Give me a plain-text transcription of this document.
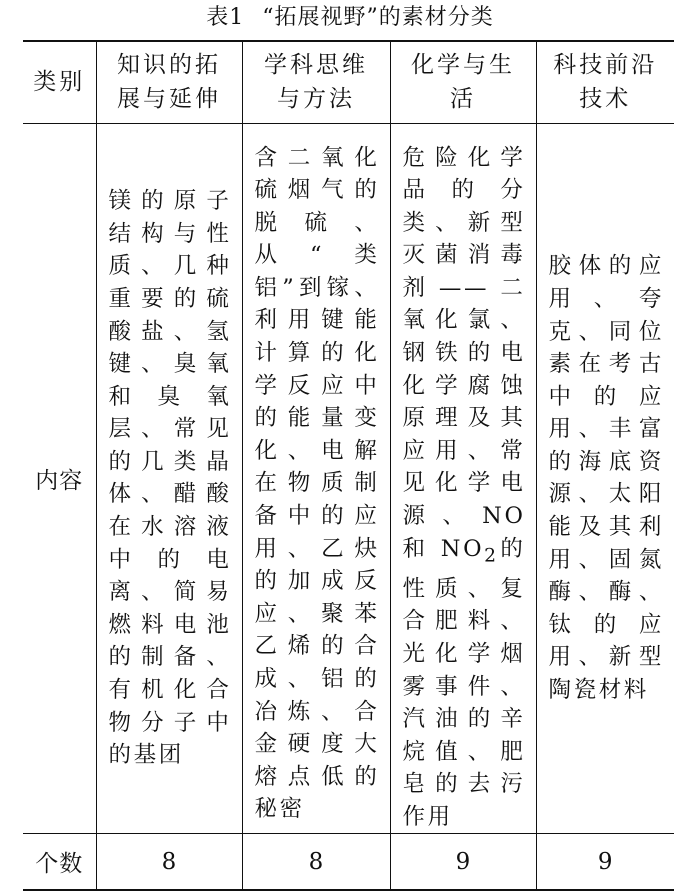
表1 “拓展视野”的素材分类
类别	知识的拓展与延伸	学科思维与方法	化学与生活	科技前沿技术
内容	镁的原子结构与性质、几种重要的硫酸盐、氢键、臭氧和臭氧层、常见的几类晶体、醋酸在水溶液中的电离、简易燃料电池的制备、有机化合物分子中的基团	含二氧化硫烟气的脱硫、从“类铝”到镓、利用键能计算的化学反应中的能量变化、电解在物质制备中的应用、乙炔的加成反应、聚苯乙烯的合成、铝的冶炼、合金硬度大熔点低的秘密	危险化学品的分类、新型灭菌消毒剂——二氧化氯、钢铁的电化学腐蚀原理及其应用、常见化学电源、NO 和 $NO_2$的性质、复合肥料、光化学烟雾事件、汽油的辛烷值、肥皂的去污作用	胶体的应用、夸克、同位素在考古中的应用、丰富的海底资源、太阳能及其利用、固氮酶、酶、钛的应用、新型陶瓷材料

个数	8	8	9	9
